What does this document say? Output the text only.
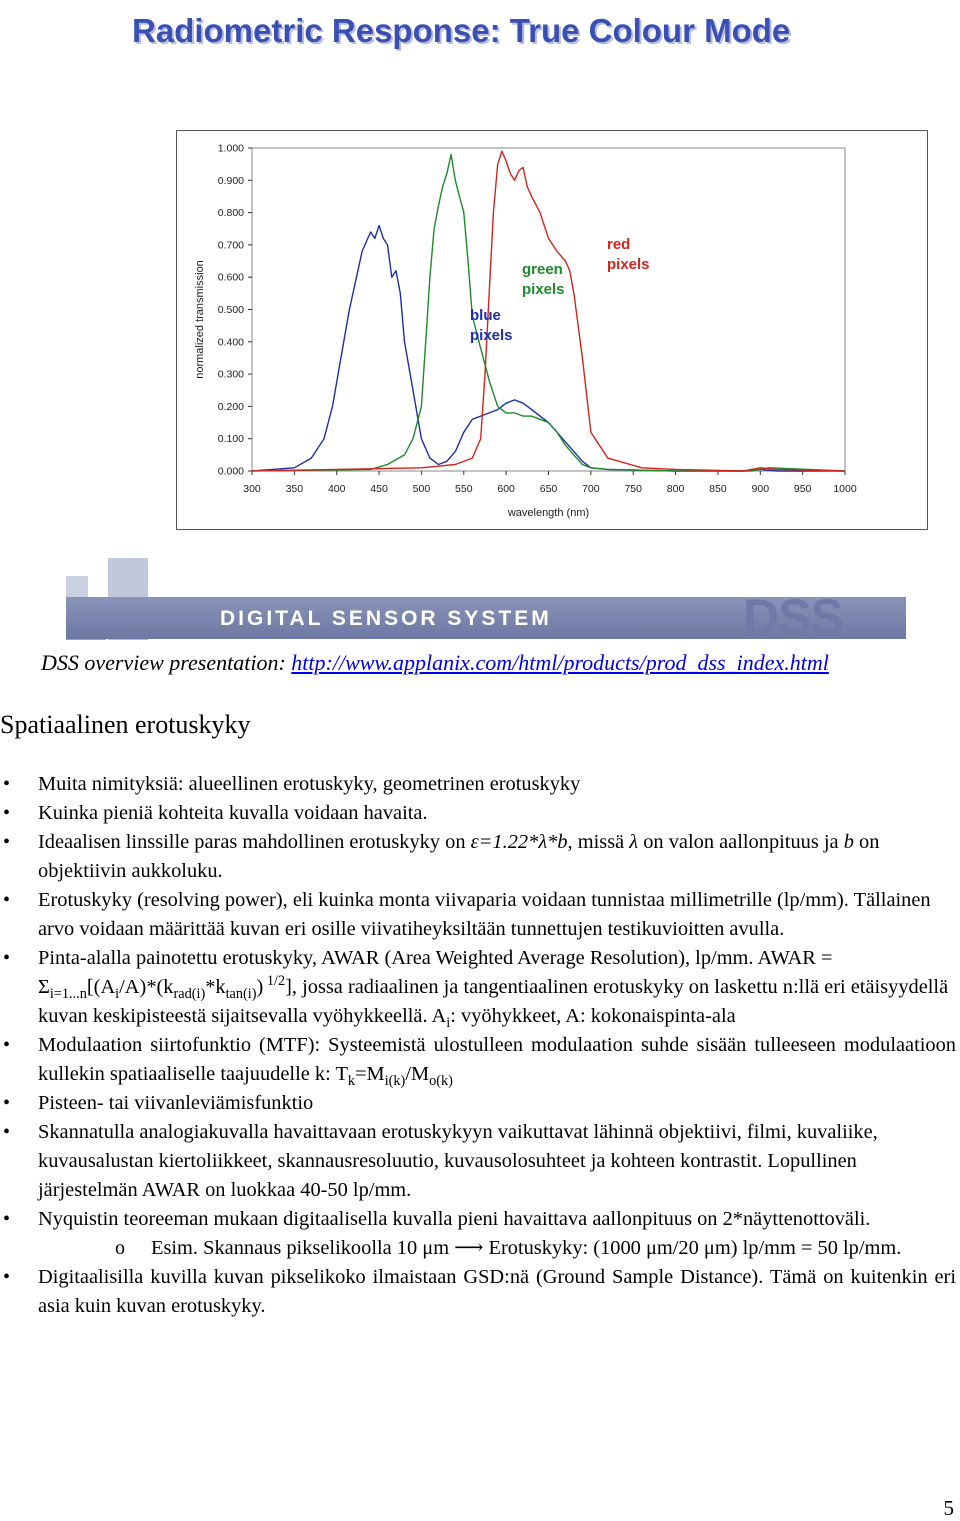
Radiometric Response: True Colour Mode
0.000
0.100
0.200
0.300
0.400
0.500
0.600
0.700
0.800
0.900
1.000
300 350 400 450 500 550 600 650 700 750 800 850 900 950 1000
wavelength (nm)
normalized transmission	blue pixels
green pixels
red pixels
DIGITAL SENSOR SYSTEM	DSS
DSS overview presentation: http://www.applanix.com/html/products/prod_dss_index.html
Spatiaalinen erotuskyky
• Muita nimityksiä: alueellinen erotuskyky, geometrinen erotuskyky
• Kuinka pieniä kohteita kuvalla voidaan havaita.
• Ideaalisen linssille paras mahdollinen erotuskyky on ε=1.22*λ*b, missä λ on valon aallonpituus ja b on objektiivin aukkoluku.
• Erotuskyky (resolving power), eli kuinka monta viivaparia voidaan tunnistaa millimetrille (lp/mm). Tällainen arvo voidaan määrittää kuvan eri osille viivatiheyksiltään tunnettujen testikuvioitten avulla.
• Pinta-alalla painotettu erotuskyky, AWAR (Area Weighted Average Resolution), lp/mm. AWAR = $\Sigma_{i=1...n}[(A_i/A)*(k_{rad(i)}*k_{tan(i)})$ $^{1/2}$], jossa radiaalinen ja tangentiaalinen erotuskyky on laskettu n:llä eri etäisyydellä kuvan keskipisteestä sijaitsevalla vyöhykkeellä. $A_i$: vyöhykkeet, A: kokonaispinta-ala
• Modulaation siirtofunktio (MTF): Systeemistä ulostulleen modulaation suhde sisään tulleeseen modulaatioon kullekin spatiaaliselle taajuudelle k: $T_k=M_{i(k)}/M_{o(k)}$
• Pisteen- tai viivanleviämisfunktio
• Skannatulla analogiakuvalla havaittavaan erotuskykyyn vaikuttavat lähinnä objektiivi, filmi, kuvaliike, kuvausalustan kiertoliikkeet, skannausresoluutio, kuvausolosuhteet ja kohteen kontrastit. Lopullinen järjestelmän AWAR on luokkaa 40-50 lp/mm.
• Nyquistin teoreeman mukaan digitaalisella kuvalla pieni havaittava aallonpituus on 2*näyttenottoväli.
o Esim. Skannaus pikselikoolla 10 μm ⟶ Erotuskyky: (1000 μm/20 μm) lp/mm = 50 lp/mm.
• Digitaalisilla kuvilla kuvan pikselikoko ilmaistaan GSD:nä (Ground Sample Distance). Tämä on kuitenkin eri asia kuin kuvan erotuskyky.
5
